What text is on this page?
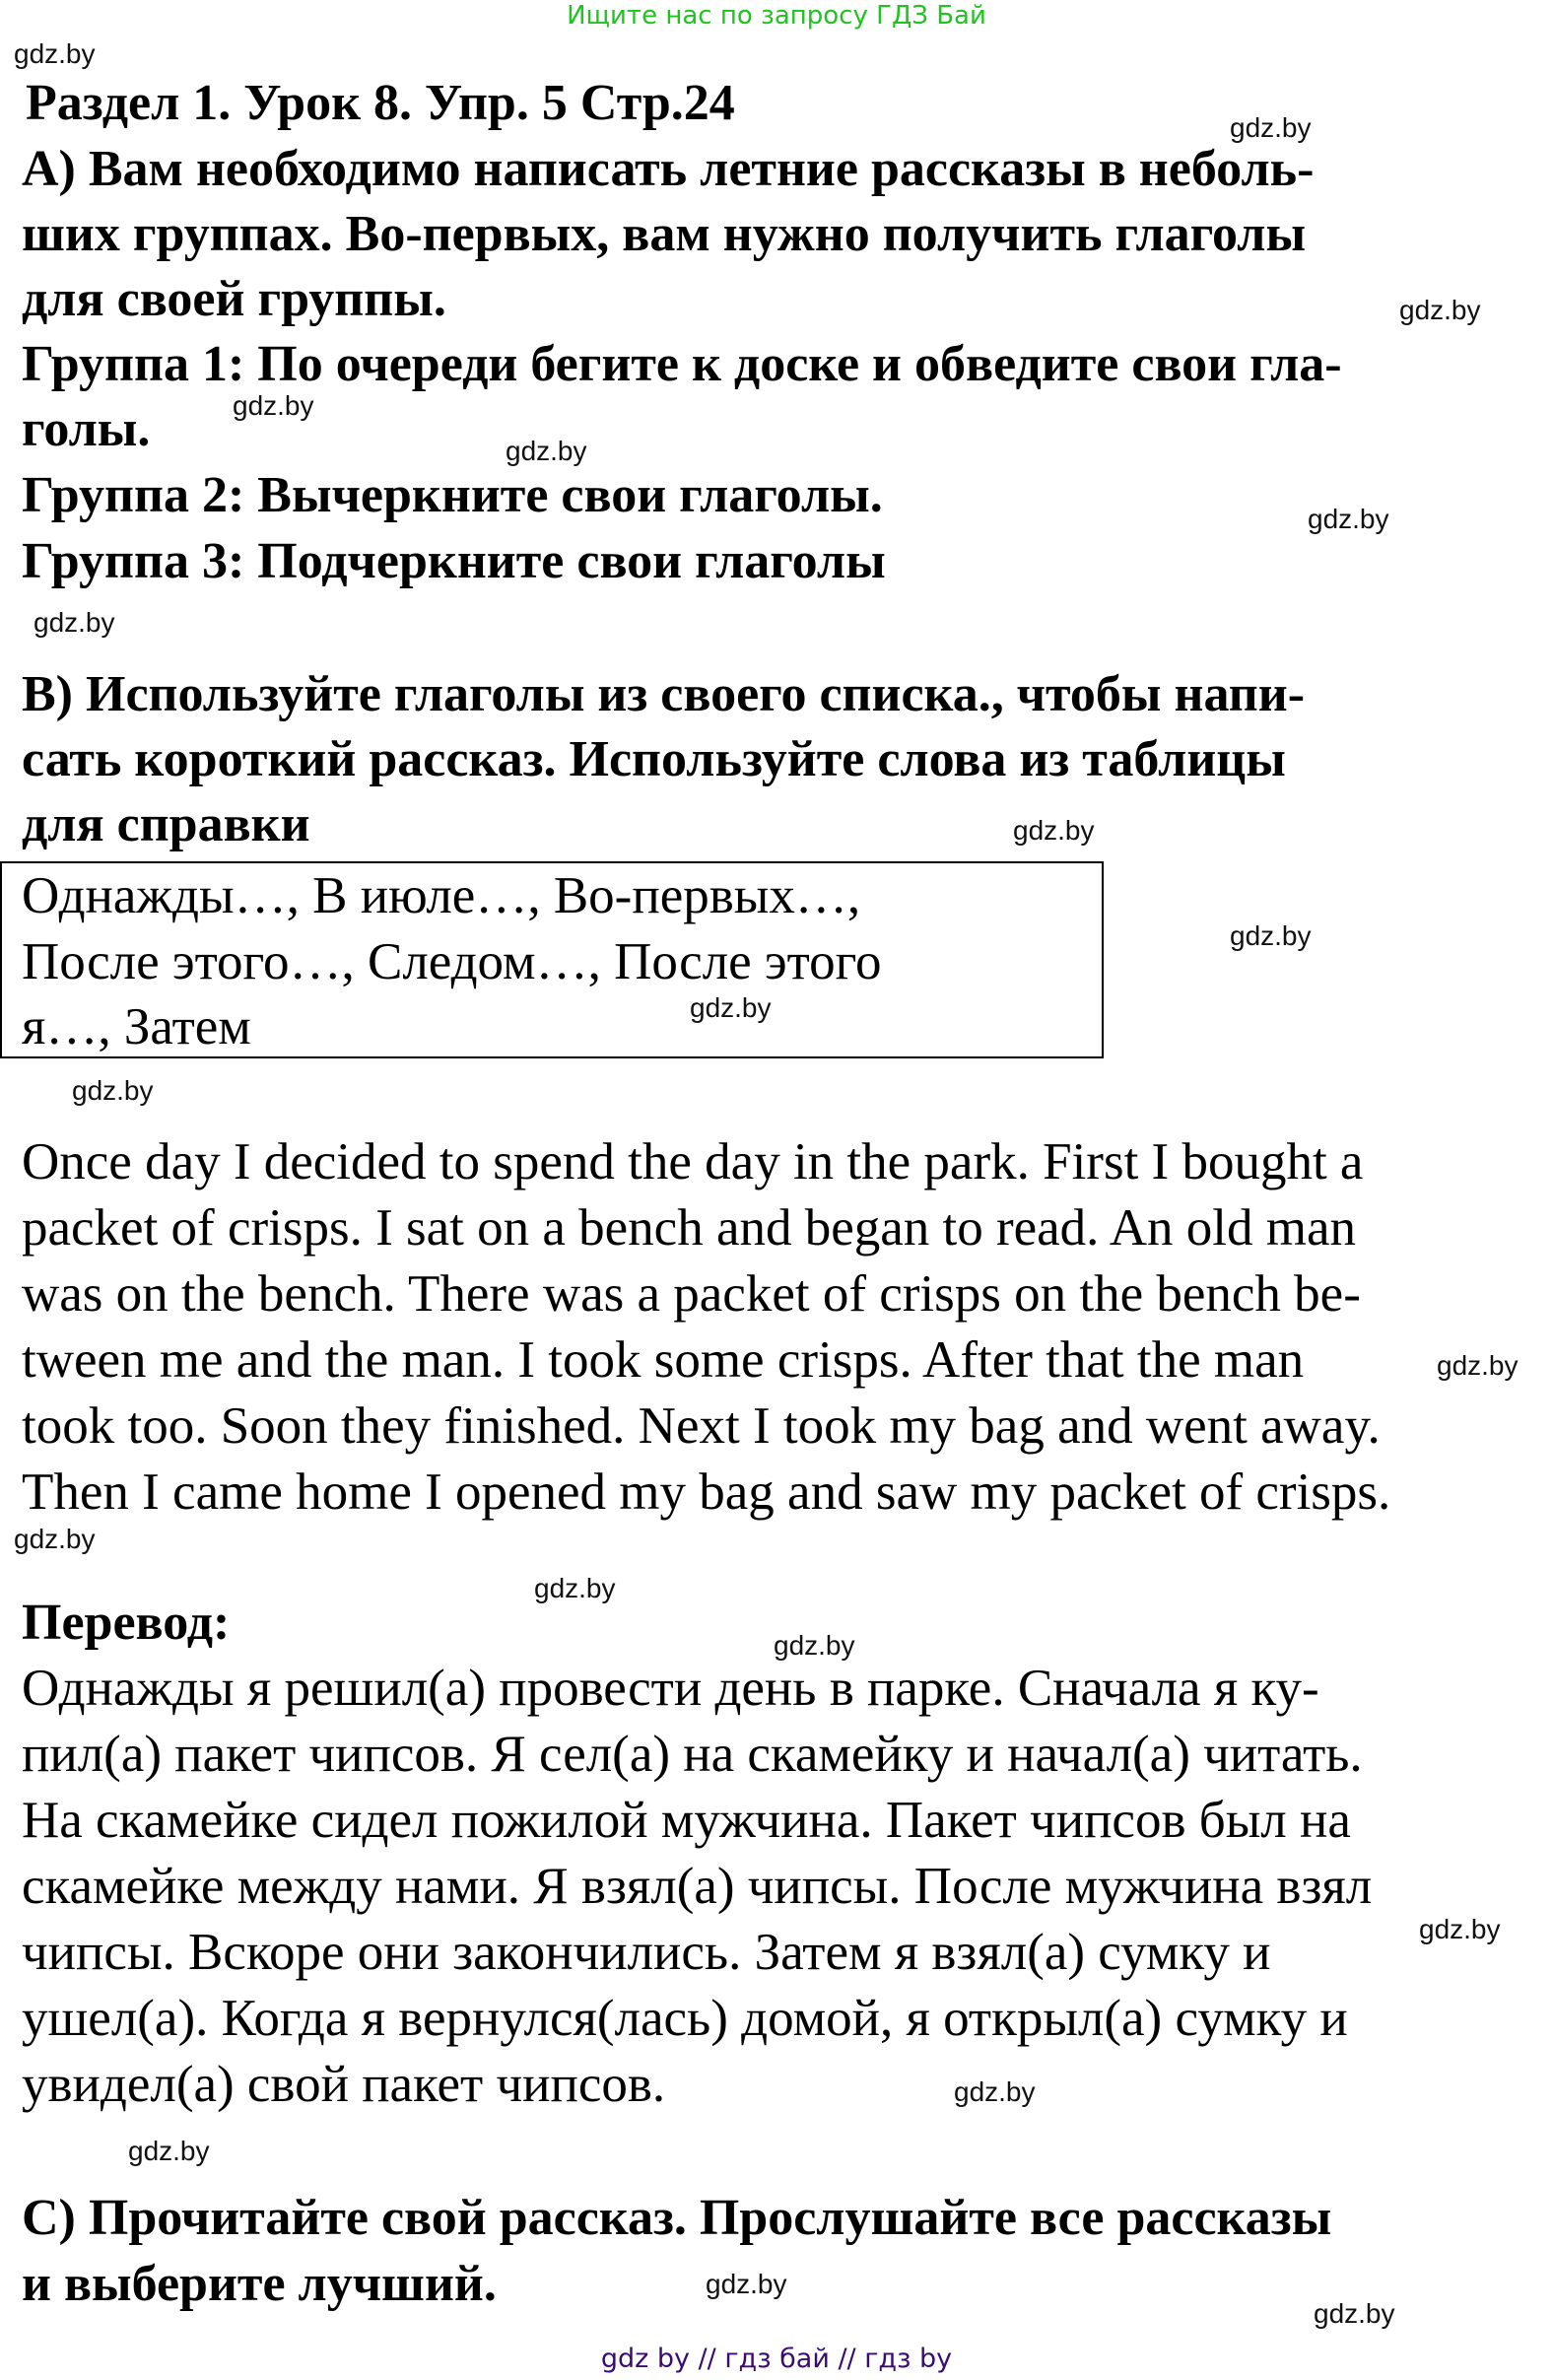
Ищите нас по запросу ГДЗ Бай
gdz.by
gdz.by
gdz.by
gdz.by
gdz.by
gdz.by
gdz.by
gdz.by
gdz.by
gdz.by
gdz.by
gdz.by
gdz.by
gdz.by
gdz.by
gdz.by
gdz.by
gdz.by
gdz.by
gdz.by
Раздел 1. Урок 8. Упр. 5 Стр.24
А) Вам необходимо написать летние рассказы в неболь-
ших группах. Во-первых, вам нужно получить глаголы
для своей группы.
Группа 1: По очереди бегите к доске и обведите свои гла-
голы.
Группа 2: Вычеркните свои глаголы.
Группа 3: Подчеркните свои глаголы
В) Используйте глаголы из своего списка., чтобы напи-
сать короткий рассказ. Используйте слова из таблицы
для справки
Однажды…, В июле…, Во-первых…,
После этого…, Следом…, После этого
я…, Затем
Once day I decided to spend the day in the park. First I bought a
packet of crisps. I sat on a bench and began to read. An old man
was on the bench. There was a packet of crisps on the bench be-
tween me and the man. I took some crisps. After that the man
took too. Soon they finished. Next I took my bag and went away.
Then I came home I opened my bag and saw my packet of crisps.
Перевод:
Однажды я решил(а) провести день в парке. Сначала я ку-
пил(а) пакет чипсов. Я сел(а) на скамейку и начал(а) читать.
На скамейке сидел пожилой мужчина. Пакет чипсов был на
скамейке между нами. Я взял(а) чипсы. После мужчина взял
чипсы. Вскоре они закончились. Затем я взял(а) сумку и
ушел(а). Когда я вернулся(лась) домой, я открыл(а) сумку и
увидел(а) свой пакет чипсов.
С) Прочитайте свой рассказ. Прослушайте все рассказы
и выберите лучший.
gdz by // гдз бай // гдз by
